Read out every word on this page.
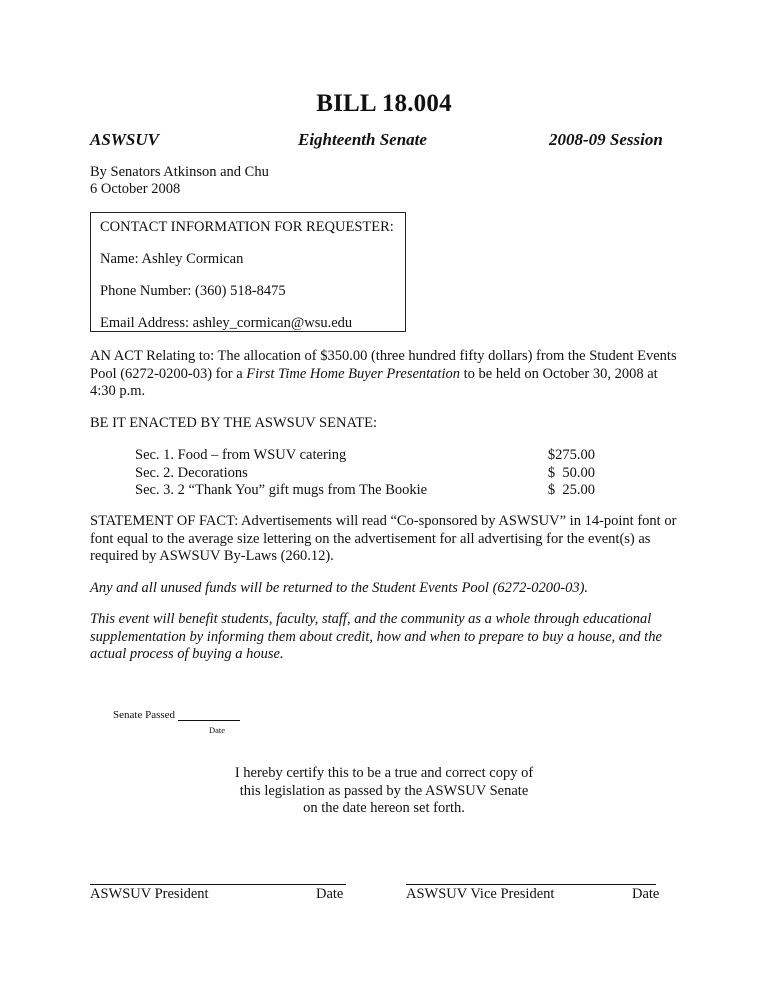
BILL 18.004
ASWSUV	Eighteenth Senate	2008-09 Session
By Senators Atkinson and Chu
6 October 2008
CONTACT INFORMATION FOR REQUESTER:
Name: Ashley Cormican
Phone Number: (360) 518-8475
Email Address: ashley_cormican@wsu.edu
AN ACT Relating to: The allocation of $350.00 (three hundred fifty dollars) from the Student Events Pool (6272-0200-03) for a First Time Home Buyer Presentation to be held on October 30, 2008 at 4:30 p.m.
BE IT ENACTED BY THE ASWSUV SENATE:
Sec. 1. Food – from WSUV catering	$275.00
Sec. 2. Decorations	$  50.00
Sec. 3. 2 “Thank You” gift mugs from The Bookie	$  25.00
STATEMENT OF FACT: Advertisements will read “Co-sponsored by ASWSUV” in 14-point font or font equal to the average size lettering on the advertisement for all advertising for the event(s) as required by ASWSUV By-Laws (260.12).
Any and all unused funds will be returned to the Student Events Pool (6272-0200-03).
This event will benefit students, faculty, staff, and the community as a whole through educational supplementation by informing them about credit, how and when to prepare to buy a house, and the actual process of buying a house.
Senate Passed
Date
I hereby certify this to be a true and correct copy of
this legislation as passed by the ASWSUV Senate
on the date hereon set forth.
ASWSUV President	Date	ASWSUV Vice President	Date
